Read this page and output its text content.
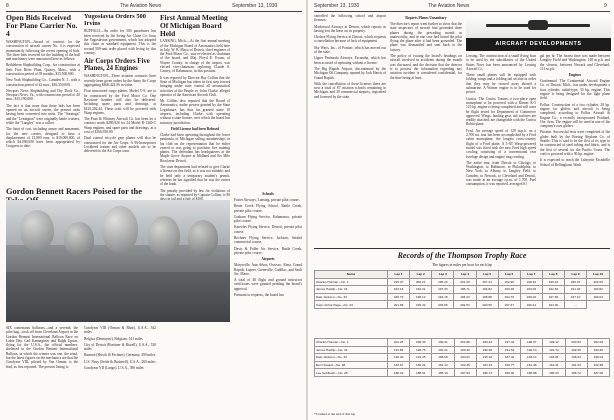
8	The Aviation News	September 13, 1930
Open Bids Received For Plane Carrier No. 4

WASHINGTON—Award of contract for the construction of aircraft carrier No. 4 is expected momentarily following the recent opening of bids. The three bids received for the building of the hull and machinery were announced here as follows:

Bethlehem Shipbuilding Corp., for construction at their Fore River Plant, Quincy, Mass., with a construction period of 39 months, $15,500,000.

New York Shipbuilding Co., Camden N. J., with a construction period of 42 mos., $16,350,000.

Newport News Shipbuilding and Dry Dock Co., Newport News, Va., with construction period of 40 mos., $15,190,000.

The fact is that none than these bids has been opened on an aircraft carrier, the present units having been converted into units. The "Saratoga" and the "Lexington" were originally battle cruisers, while the "Langley" was a collier.

The limit of cost, including armor and armament, for the new carrier, designed to have a displacement of 13,800 tons, is $19,000,000, of which $4,000,000 have been appropriated by Congress to date.

Yugoslavia Orders 500 Irvins

BUFFALO—An order for 500 parachutes has been received by the Irving Air Chute Co. from the Yugoslavian government, which has adopted this chute as standard equipment. This is the second 500-unit order placed with Irving by this country.

Air Corps Orders Five Planes, 24 Engines

WASHINGTON—Three aviation contracts have recently been given orders by the Army Air Corps aggregating $466,422.56 in value.

Four trimotored cargo planes, Model C-9, are to be constructed by the Ford Motor Co. One Keystone bomber will also be delivered. Including spare parts and drawings, at $125,202.44. These craft will be powered with Wasp engines.

The Pratt & Whitney Aircraft Co. has been let a contract worth $289,920 for 24 Model R-1340-C Wasp engines, and spare parts and drawings, at a cost of $166,930.09.

Dual control tricycle gear planes will also be constructed for the Air Corps. A 90-horsepower Lockheed trainer and other models are to be delivered to the Air Corps soon.

First Annual Meeting Of Michigan Board Held

LANSING, Mich.—At the first annual meeting of the Michigan Board of Aeronautics held here in July, W. B. Mayo of Detroit, chief engineer of the Ford Motor Co., was re-elected as chairman of the board, and Maj. Floyd E. Evans, of Wayne County, in charge of the airport, was elected vice-chairman, replacing Claude S. Carney, of Kalamazoo, in this position.

It was reported by Director Ray Collins that the State of Michigan has taken its first step toward bringing under state control all aeronautical activities of the People vs. John Clarke, alleged operator of the American Aircraft Club.

Mr. Collins also reported that the Board of Aeronautics, under powers granted by the State Legislature, has thus far granted some 10 airports, including Clarke with operating without a state license, over which the board has statutory jurisdiction.

Field License had been Refused

Clarke had been operating throughout the lower peninsula of Michigan selling memberships in his club on the representation that he either owned or was going to purchase five training planes. The defendant has headquarters at the Maple Grove Airport at Midland and Six Mile Road near Detroit.

The state department had refused to give Clarke a license on this field, as it was not suitable, and he held only a temporary student's permit, whereas he has signified that he was the owner of the bank.

The penalty provided by law for violations of the statute, as reported by Captain Collins, is 90	Schools

Foster Airways, Lansing, private pilot course.

Bentz Creek Flying School, Battle Creek, private pilot course.

Graham Flying Service, Kalamazoo, private pilot course.

Knowles Flying Service, Detroit, private pilot course.

Bochner Flying Service, Jackson, limited commercial course.

Davis & Fuller Air Service, Battle Creek, private pilot course.

Airports

Marysville, Ann Arbor, Owosso, Alma, Grand Rapids, Lapeer, Greenville, Cadillac, and Sault Ste. Marie.

A total of 40 flight and ground instructor certificates were granted pending the board's approval.

Pursuant to requests, the board has

Gordon Bennett Racers Poised for the

SIX contestants balloons—and a seventh, the pilot bag—took off from Cleveland Airport in the Gordon Bennett International Balloon Race on Labor Day. Carl Kannegieter and Ralph Upson, flying for the U.S.A., the official numbers, sheltered in the Gordon Bennett International Balloon, in which the winner was one, the wind, but the latest figures on the mechanics are that the Goodyear VIII, piloted by Van Orman, is the lead, as first reported. The present listing is:

Goodyear VIII (Orman & Blair), U.S.A., 542 miles

Belgica (Demuyter), Belgium, 541 miles

City of Detroit (Boettner & Ritzell), U.S.A., 530 miles

Barmen (Hirsch & Fechner), Germany, 490 miles

U.S. Navy (Settle & Bushnell), U.S.A., 460 miles

Goodyear VII (Lange), U.S.A., 390 miles

September 13, 1930	The Aviation News	9

cancelled the following school and airport licenses:

Markwood Airways at Detroit, which reports as having lost the lease on its property.

Chelsea Flying Service at Detroit, which requests a cancellation because of lack of equipment.

Sky Ways, Inc., of Pontiac, which has moved out of the state.

Upper Peninsula Airways, Escanaba, which has been accused of operating without a license.

The Big Rapids Airport, discontinued by the Michigan Oil Company, opened by Jack Harris of Grand Rapids.

With the cancellation of these licenses there are now a total of 87 aviation schools remaining in Michigan, and 39 commercial airports, registered and licensed by the state.

Reports Planes Unsanitary

The director's report went further to show that the state inspectors of aircraft had grounded three planes during the preceding month as unairworthy, and in one case had found the pilot flying the plane after it had been grounded. The plane was dismantled and sent back to the factory.

The policy of issuing the board's headings on aircraft involved in accidents during the month was discussed, and the decision that the director is to possess the information regarding any aviation accident is considered confidential, for the time being at least.

AIRCRAFT DEVELOPMENTS

Lessing. The construction of a small flying boat to be used by the subsidiaries of the United States Navy has been announced by Lessing Aircraft Co.

These small planes will be equipped with folding wings and a folding tail section in order that they may be stowed away aboard a submarine. A Warner engine is to be used for power.

Curtiss. The Curtiss Trainer, a two-place open monoplane to be powered with a Kinner K-5 125 hp. engine is being completed and will soon be flight tested for Department of Commerce approved. Wings, landing gear, tail surfaces are readily attached, are changeable with the Curtiss Robin plane.

Ford. An average speed of 129 m.p.h. on a 2,700 mi. tour has been accomplished by a Ford cabin monoplane, the longest cross-country flight of a Ford plane. A 5-AT Wasp-powered model was fitted with the new Ford high speed cowling consisting of a conventional rear fuselage design and engine ring cowling.

The entire tour, from Detroit to Chicago, to Washington, to Baltimore, to Philadelphia, to New York, to Albany, to Langley Field, to Camden, to Newark, to Cleveland and Detroit, was made at an average r.p.m. of 1,700. Fuel consumption, it was reported, averaged 61

gal per hr. The fastest time was made between Langley Field and Washington, 140 m.p.h. and the slowest, between Newark and Cleveland, 113 m.p.h.

Engines

Continental. The Continental Aircraft Engine Co. of Detroit, Mich., has under development a four cylinder, radial-type, 35 hp. engine. This engine is being designed for the light plane field.

Pollux. Construction of a two cylinder, 20 hp. engine for gliders and aircraft is being completed, according to Pollux Aircraft & Engine Co., a recently incorporated Portland, Ore. firm. The engine will be used in one of the company's own gliders.

Pitcairn. Successful tests were completed of the glider built by the Boeing Airplane Co. of Seattle. This is said to be the first of its type to be constructed of steel tubing and fabric, and is the first of several for the Pacific Coast. The craft is powered with a 90 hp. engine.

It is expected to reach the Lafayette Escadrille School of Bellingham, Wash.

Records of the Thompson Trophy Race
The figures in miles per hour for each lap
Name	Lap 1	Lap 2	Lap 3	Lap 4	Lap 5	Lap 6	Lap 7	Lap 8	Lap 9	Lap 10
Charles Holman—No. 1	195.47	200.21	196.23	201.20	197.44	192.90	198.40	199.10	200.07	202.09
James Haizlip—No. 31	184.16	192.21	197.33	195.71	194.82	193.48	193.09	192.84	191.02	190.82
Dale Jackson—No. 33	186.79	198.12	194.18	196.23	195.88	194.70	199.02	197.60	197.10	190.04
Capt. Arthur Page—No. 23	201.89	199.32	203.06	202.53	200.50	197.37	196.41	194.30	...	
Charles Holman—No. 1	201.25	200.33	199.41	201.86	200.23	197.44	198.07	199.12	200.93	202.09
James Haizlip—No. 31	191.86	190.76	191.21	190.22	192.28	191.54	192.13	191.74	192.05	190.82
Dale Jackson—No. 33	192.40	191.25	198.09	194.01	195.18	187.42	193.14	194.81	196.03	190.04
Ben Howard—No. 98	163.07	160.24	161.12	162.45	163.19	160.77	161.48	162.41	161.03	162.88
Lee Gehlbach—No. 28	186.42	185.91	185.19	187.53	186.74	186.02	186.88	185.43	186.72	187.00
*Crashed at the end of this lap
